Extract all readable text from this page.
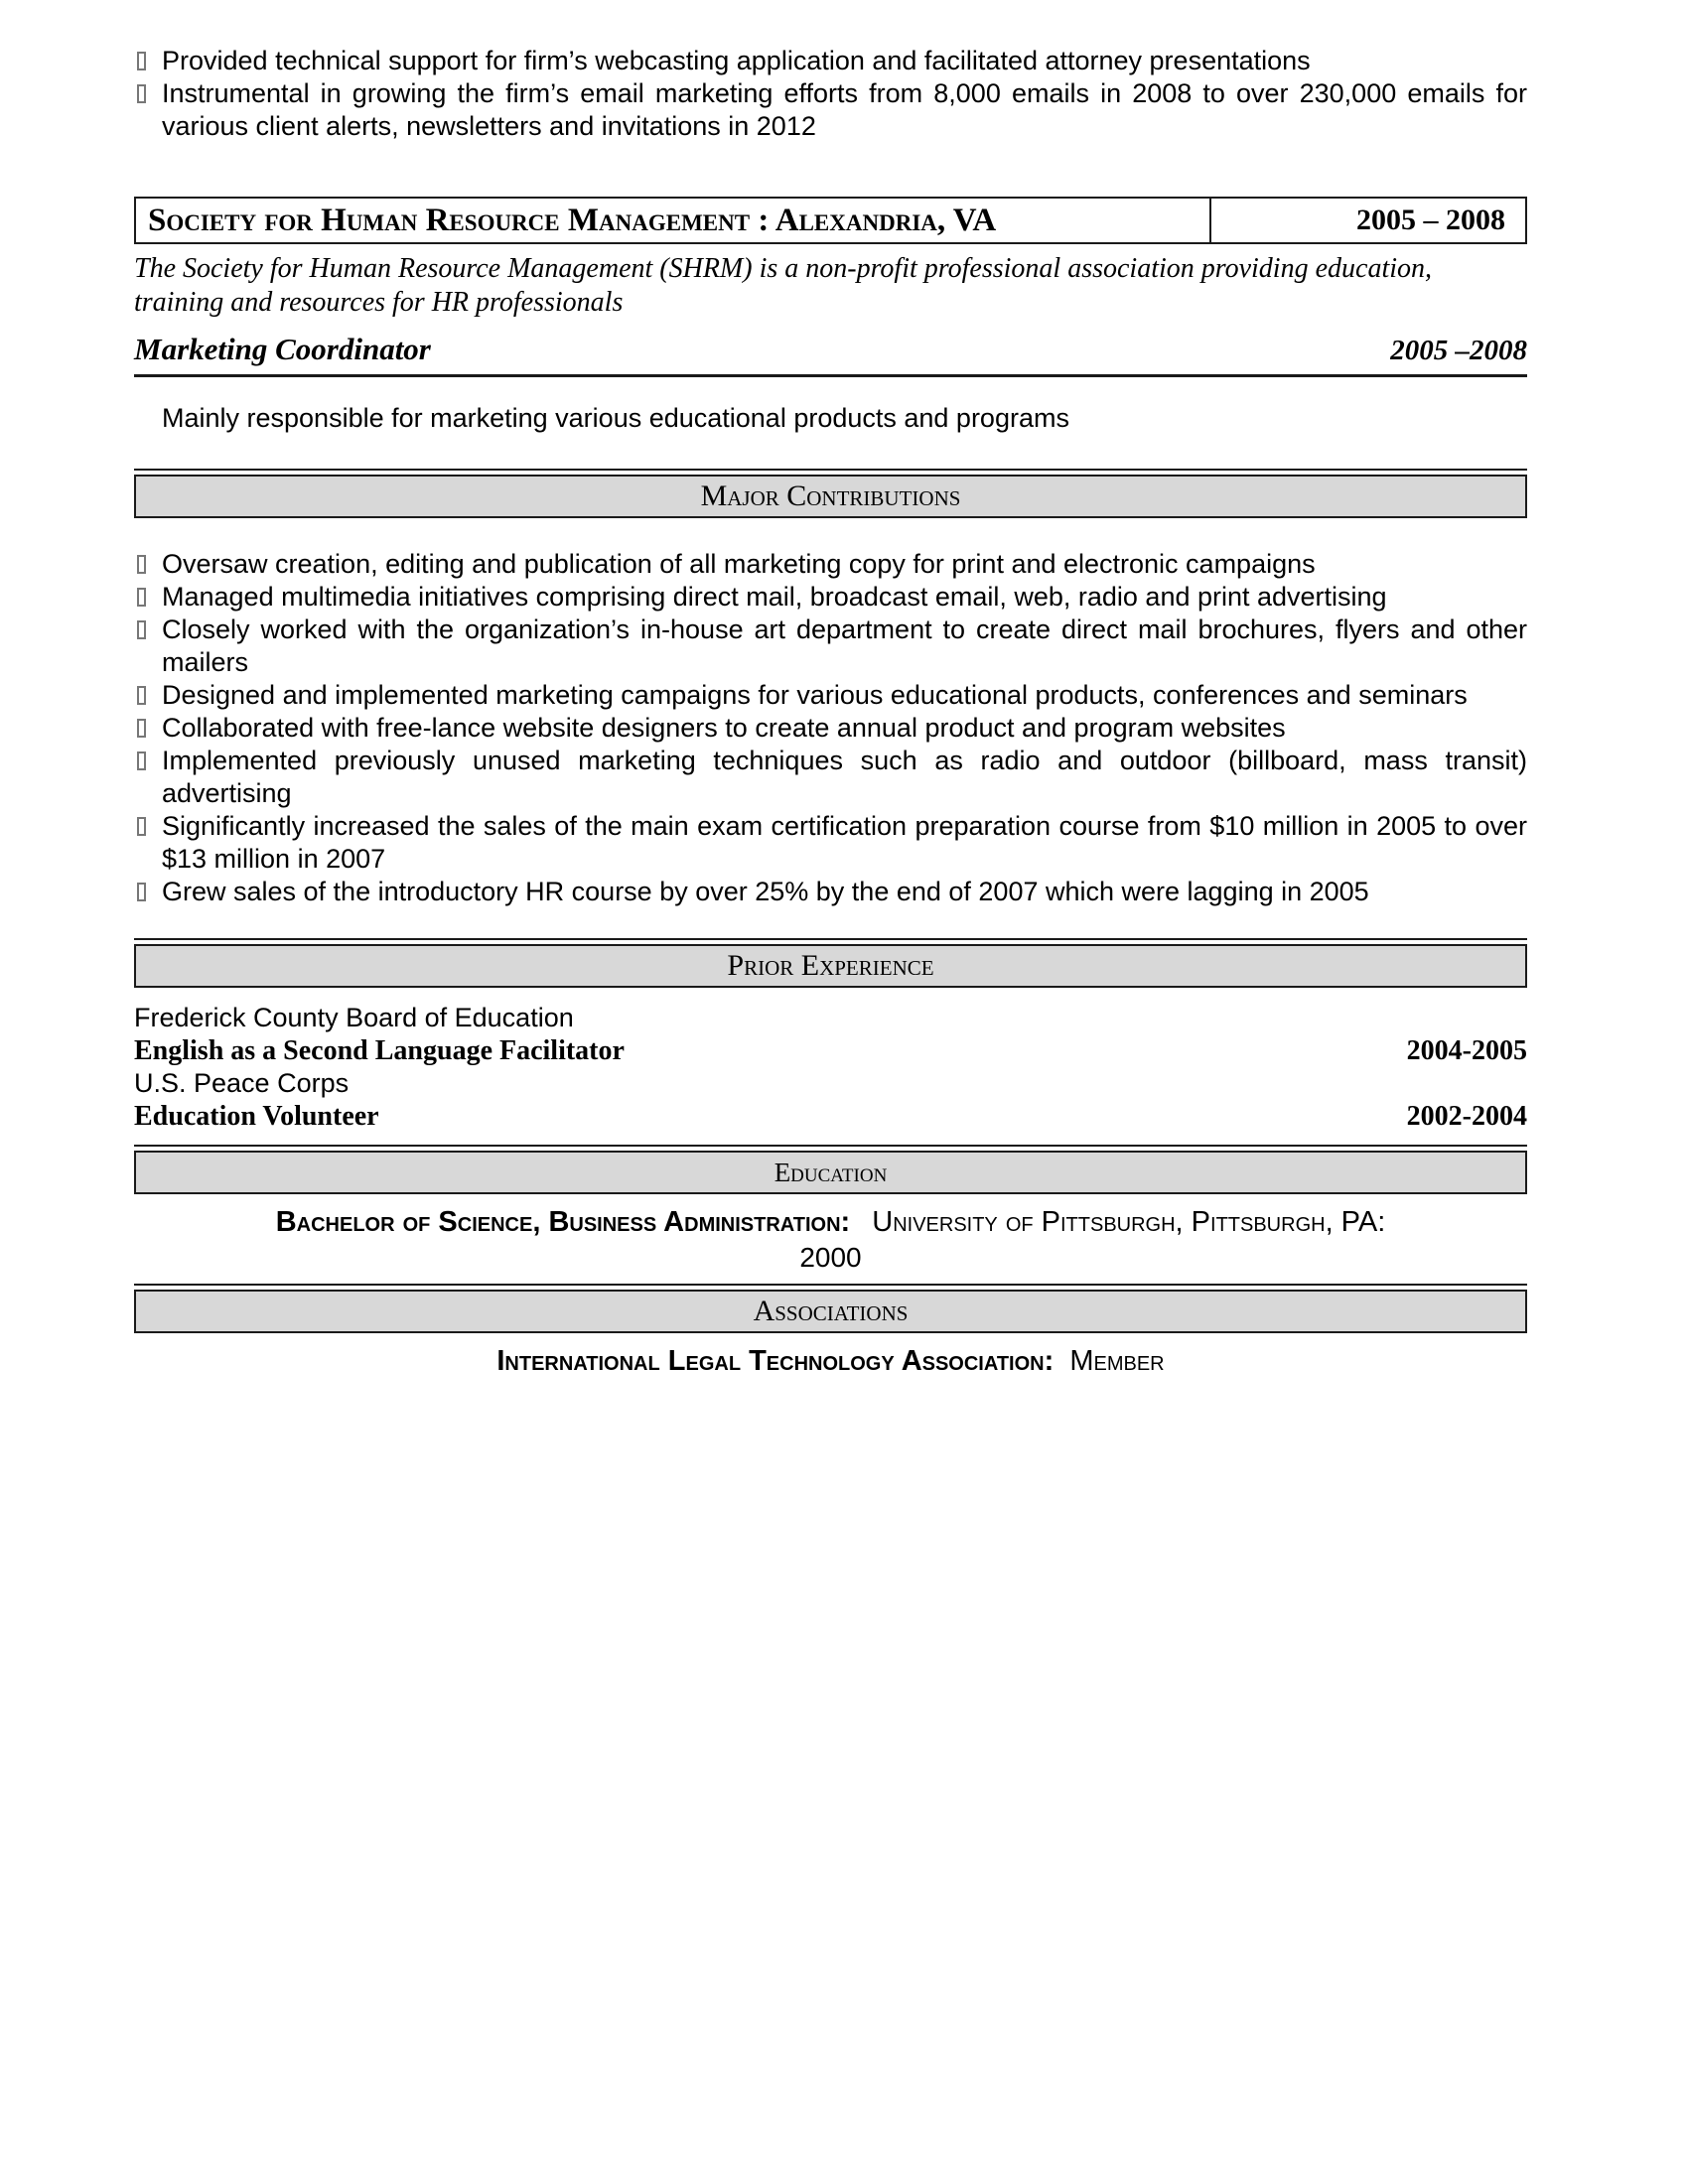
Provided technical support for firm’s webcasting application and facilitated attorney presentations
Instrumental in growing the firm’s email marketing efforts from 8,000 emails in 2008 to over 230,000 emails for various client alerts, newsletters and invitations in 2012
Society for Human Resource Management : Alexandria, VA	2005 – 2008
The Society for Human Resource Management (SHRM) is a non-profit professional association providing education, training and resources for HR professionals
Marketing Coordinator	2005 –2008
Mainly responsible for marketing various educational products and programs
Major Contributions
Oversaw creation, editing and publication of all marketing copy for print and electronic campaigns
Managed multimedia initiatives comprising direct mail, broadcast email, web, radio and print advertising
Closely worked with the organization’s in-house art department to create direct mail brochures, flyers and other mailers
Designed and implemented marketing campaigns for various educational products, conferences and seminars
Collaborated with free-lance website designers to create annual product and program websites
Implemented previously unused marketing techniques such as radio and outdoor (billboard, mass transit) advertising
Significantly increased the sales of the main exam certification preparation course from $10 million in 2005 to over $13 million in 2007
Grew sales of the introductory HR course by over 25% by the end of 2007 which were lagging in 2005
Prior Experience
Frederick County Board of Education
English as a Second Language Facilitator	2004-2005
U.S. Peace Corps
Education Volunteer	2002-2004
Education
Bachelor of Science, Business Administration: University of Pittsburgh, Pittsburgh, PA:
2000
Associations
International Legal Technology Association: Member
